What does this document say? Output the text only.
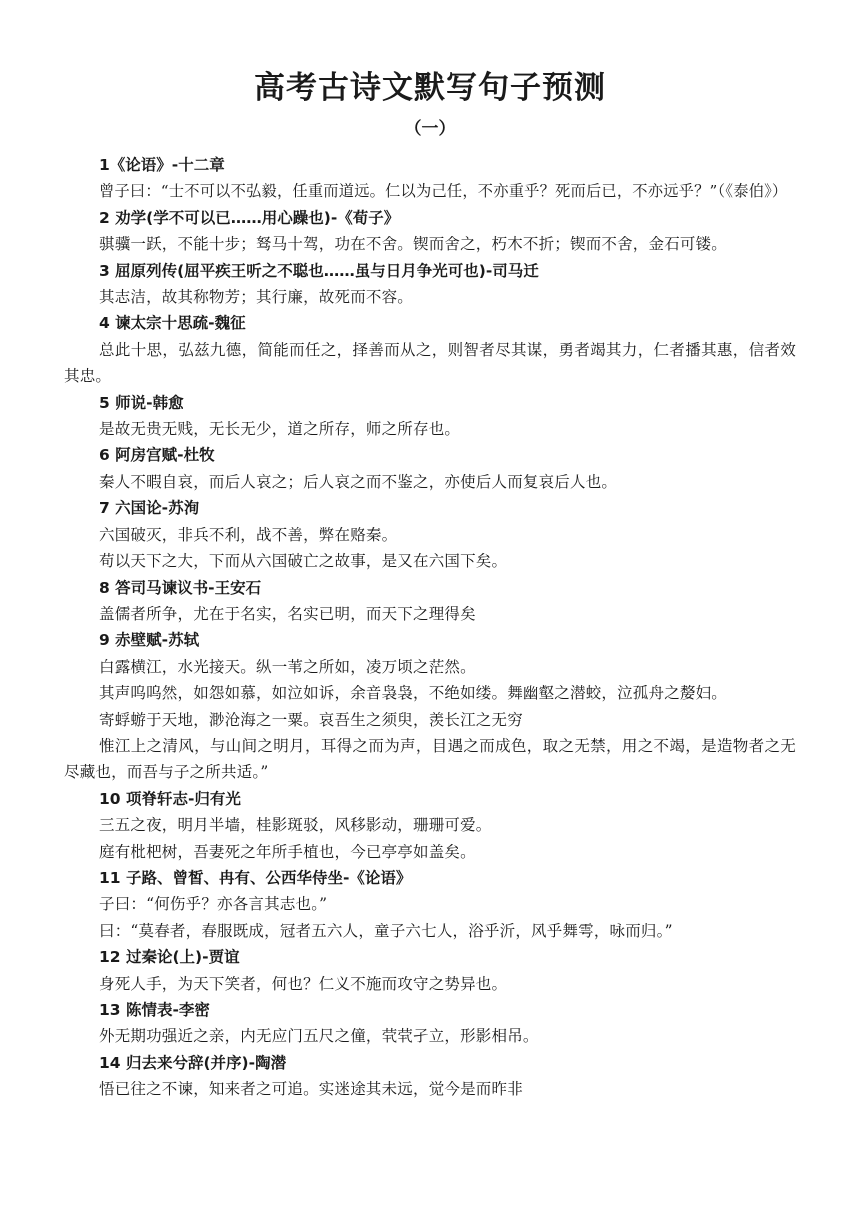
高考古诗文默写句子预测
（一）
1《论语》-十二章
曾子曰：“士不可以不弘毅，任重而道远。仁以为己任，不亦重乎？死而后已，不亦远乎？”（《泰伯》）
2 劝学(学不可以已……用心躁也)-《荀子》
骐骥一跃，不能十步；驽马十驾，功在不舍。锲而舍之，朽木不折；锲而不舍，金石可镂。
3 屈原列传(屈平疾王听之不聪也……虽与日月争光可也)-司马迁
其志洁，故其称物芳；其行廉，故死而不容。
4 谏太宗十思疏-魏征
总此十思，弘兹九德，简能而任之，择善而从之，则智者尽其谋，勇者竭其力，仁者播其惠，信者效其忠。
5 师说-韩愈
是故无贵无贱，无长无少，道之所存，师之所存也。
6 阿房宫赋-杜牧
秦人不暇自哀，而后人哀之；后人哀之而不鉴之，亦使后人而复哀后人也。
7 六国论-苏洵
六国破灭，非兵不利，战不善，弊在赂秦。
苟以天下之大，下而从六国破亡之故事，是又在六国下矣。
8 答司马谏议书-王安石
盖儒者所争，尤在于名实，名实已明，而天下之理得矣
9 赤壁赋-苏轼
白露横江，水光接天。纵一苇之所如，凌万顷之茫然。
其声呜呜然，如怨如慕，如泣如诉，余音袅袅，不绝如缕。舞幽壑之潜蛟，泣孤舟之嫠妇。
寄蜉蝣于天地，渺沧海之一粟。哀吾生之须臾，羡长江之无穷
惟江上之清风，与山间之明月，耳得之而为声，目遇之而成色，取之无禁，用之不竭，是造物者之无尽藏也，而吾与子之所共适。”
10 项脊轩志-归有光
三五之夜，明月半墙，桂影斑驳，风移影动，珊珊可爱。
庭有枇杷树，吾妻死之年所手植也，今已亭亭如盖矣。
11 子路、曾皙、冉有、公西华侍坐-《论语》
子曰：“何伤乎？亦各言其志也。”
曰：“莫春者，春服既成，冠者五六人，童子六七人，浴乎沂，风乎舞雩，咏而归。”
12 过秦论(上)-贾谊
身死人手，为天下笑者，何也？仁义不施而攻守之势异也。
13 陈情表-李密
外无期功强近之亲，内无应门五尺之僮，茕茕孑立，形影相吊。
14 归去来兮辞(并序)-陶潜
悟已往之不谏，知来者之可追。实迷途其未远，觉今是而昨非
